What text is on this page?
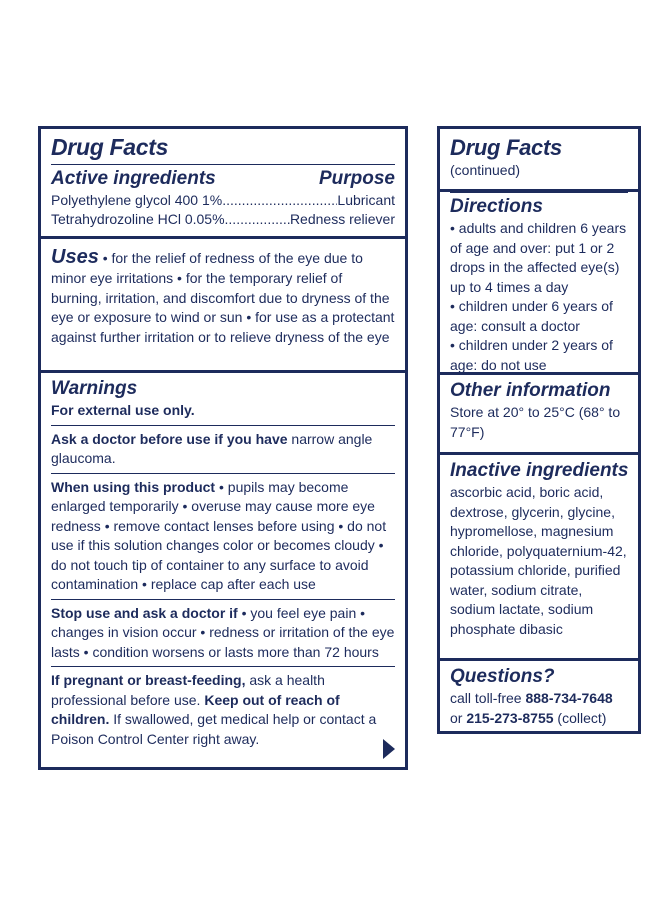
Drug Facts
Active ingredients	Purpose
Polyethylene glycol 400 1% .....	Lubricant
Tetrahydrozoline HCl 0.05% .....	Redness reliever
Uses • for the relief of redness of the eye due to minor eye irritations • for the temporary relief of burning, irritation, and discomfort due to dryness of the eye or exposure to wind or sun • for use as a protectant against further irritation or to relieve dryness of the eye
Warnings
For external use only.
Ask a doctor before use if you have narrow angle glaucoma.
When using this product • pupils may become enlarged temporarily • overuse may cause more eye redness • remove contact lenses before using • do not use if this solution changes color or becomes cloudy • do not touch tip of container to any surface to avoid contamination • replace cap after each use
Stop use and ask a doctor if • you feel eye pain • changes in vision occur • redness or irritation of the eye lasts • condition worsens or lasts more than 72 hours
If pregnant or breast-feeding, ask a health professional before use. Keep out of reach of children. If swallowed, get medical help or contact a Poison Control Center right away.
Drug Facts
(continued)
Directions
• adults and children 6 years of age and over: put 1 or 2 drops in the affected eye(s) up to 4 times a day
• children under 6 years of age: consult a doctor
• children under 2 years of age: do not use
Other information
Store at 20° to 25°C (68° to 77°F)
Inactive ingredients
ascorbic acid, boric acid, dextrose, glycerin, glycine, hypromellose, magnesium chloride, polyquaternium-42, potassium chloride, purified water, sodium citrate, sodium lactate, sodium phosphate dibasic
Questions?
call toll-free 888-734-7648
or 215-273-8755 (collect)
